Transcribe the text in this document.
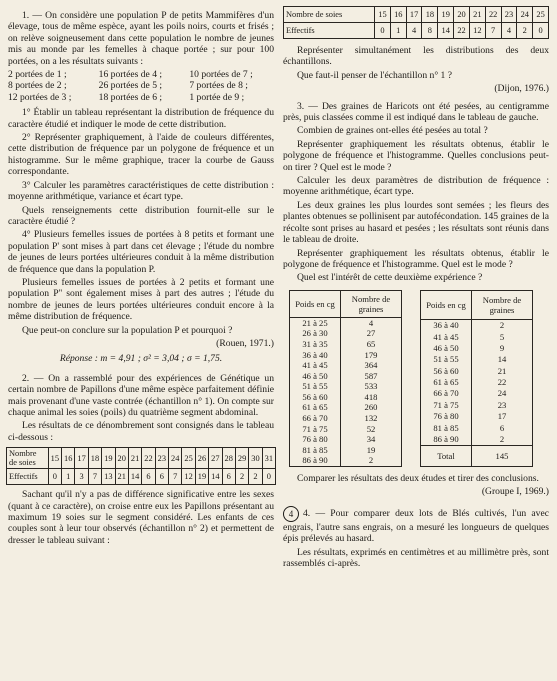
1. — On considère une population P de petits Mammifères d'un élevage, tous de même espèce, ayant les poils noirs, courts et frisés ; on relève soigneusement dans cette population le nombre de jeunes mis au monde par les femelles à chaque portée ; sur pour 100 portées, on a les résultats suivants :

2 portées de 1 ;	16 portées de 4 ;	10 portées de 7 ;
8 portées de 2 ;	26 portées de 5 ;	7 portées de 8 ;
12 portées de 3 ;	18 portées de 6 ;	1 portée de 9 ;

1° Établir un tableau représentant la distribution de fréquence du caractère étudié et indiquer le mode de cette distribution.

2° Représenter graphiquement, à l'aide de couleurs différentes, cette distribution de fréquence par un polygone de fréquence et un histogramme. Sur le même graphique, tracer la courbe de Gauss correspondante.

3° Calculer les paramètres caractéristiques de cette distribution : moyenne arithmétique, variance et écart type.

Quels renseignements cette distribution fournit-elle sur le caractère étudié ?

4° Plusieurs femelles issues de portées à 8 petits et formant une population P' sont mises à part dans cet élevage ; l'étude du nombre de jeunes de leurs portées ultérieures conduit à la même distribution de fréquence que dans la population P.

Plusieurs femelles issues de portées à 2 petits et formant une population P'' sont également mises à part des autres ; l'étude du nombre de jeunes de leurs portées ultérieures conduit encore à la même distribution de fréquence.

Que peut-on conclure sur la population P et pourquoi ?

(Rouen, 1971.)

Réponse : m = 4,91 ; σ² = 3,04 ; σ = 1,75.

2. — On a rassemblé pour des expériences de Génétique un certain nombre de Papillons d'une même espèce parfaitement définie mais provenant d'une vaste contrée (échantillon n° 1). On compte sur chaque animal les soies (poils) du quatrième segment abdominal.

Les résultats de ce dénombrement sont consignés dans le tableau ci-dessous :

Nombre de soies	15	16	17	18	19	20	21	22	23	24	25	26	27	28	29	30	31
Effectifs	0	1	3	7	13	21	14	6	6	7	12	19	14	6	2	2	0

Sachant qu'il n'y a pas de différence significative entre les sexes (quant à ce caractère), on croise entre eux les Papillons présentant au maximum 19 soies sur le segment considéré. Les enfants de ces couples sont à leur tour observés (échantillon n° 2) et permettent de dresser le tableau suivant :

Nombre de soies	15	16	17	18	19	20	21	22	23	24	25
Effectifs	0	1	4	8	14	22	12	7	4	2	0

Représenter simultanément les distributions des deux échantillons.

Que faut-il penser de l'échantillon n° 1 ?

(Dijon, 1976.)

3. — Des graines de Haricots ont été pesées, au centigramme près, puis classées comme il est indiqué dans le tableau de gauche.

Combien de graines ont-elles été pesées au total ?

Représenter graphiquement les résultats obtenus, établir le polygone de fréquence et l'histogramme. Quelles conclusions peut-on tirer ? Quel est le mode ?

Calculer les deux paramètres de distribution de fréquence : moyenne arithmétique, écart type.

Les deux graines les plus lourdes sont semées ; les fleurs des plantes obtenues se pollinisent par autofécondation. 145 graines de la récolte sont prises au hasard et pesées ; les résultats sont réunis dans le tableau de droite.

Représenter graphiquement les résultats obtenus, établir le polygone de fréquence et l'histogramme. Quel est le mode ?

Quel est l'intérêt de cette deuxième expérience ?

Poids en cg	Nombre de graines
21 à 25	4
26 à 30	27
31 à 35	65
36 à 40	179
41 à 45	364
46 à 50	587
51 à 55	533
56 à 60	418
61 à 65	260
66 à 70	132
71 à 75	52
76 à 80	34
81 à 85	19
86 à 90	2
Poids en cg	Nombre de graines
36 à 40	2
41 à 45	5
46 à 50	9
51 à 55	14
56 à 60	21
61 à 65	22
66 à 70	24
71 à 75	23
76 à 80	17
81 à 85	6
86 à 90	2
Total	145

Comparer les résultats des deux études et tirer des conclusions.

(Groupe I, 1969.)

4 4. — Pour comparer deux lots de Blés cultivés, l'un avec engrais, l'autre sans engrais, on a mesuré les longueurs de quelques épis prélevés au hasard.

Les résultats, exprimés en centimètres et au millimètre près, sont rassemblés ci-après.
